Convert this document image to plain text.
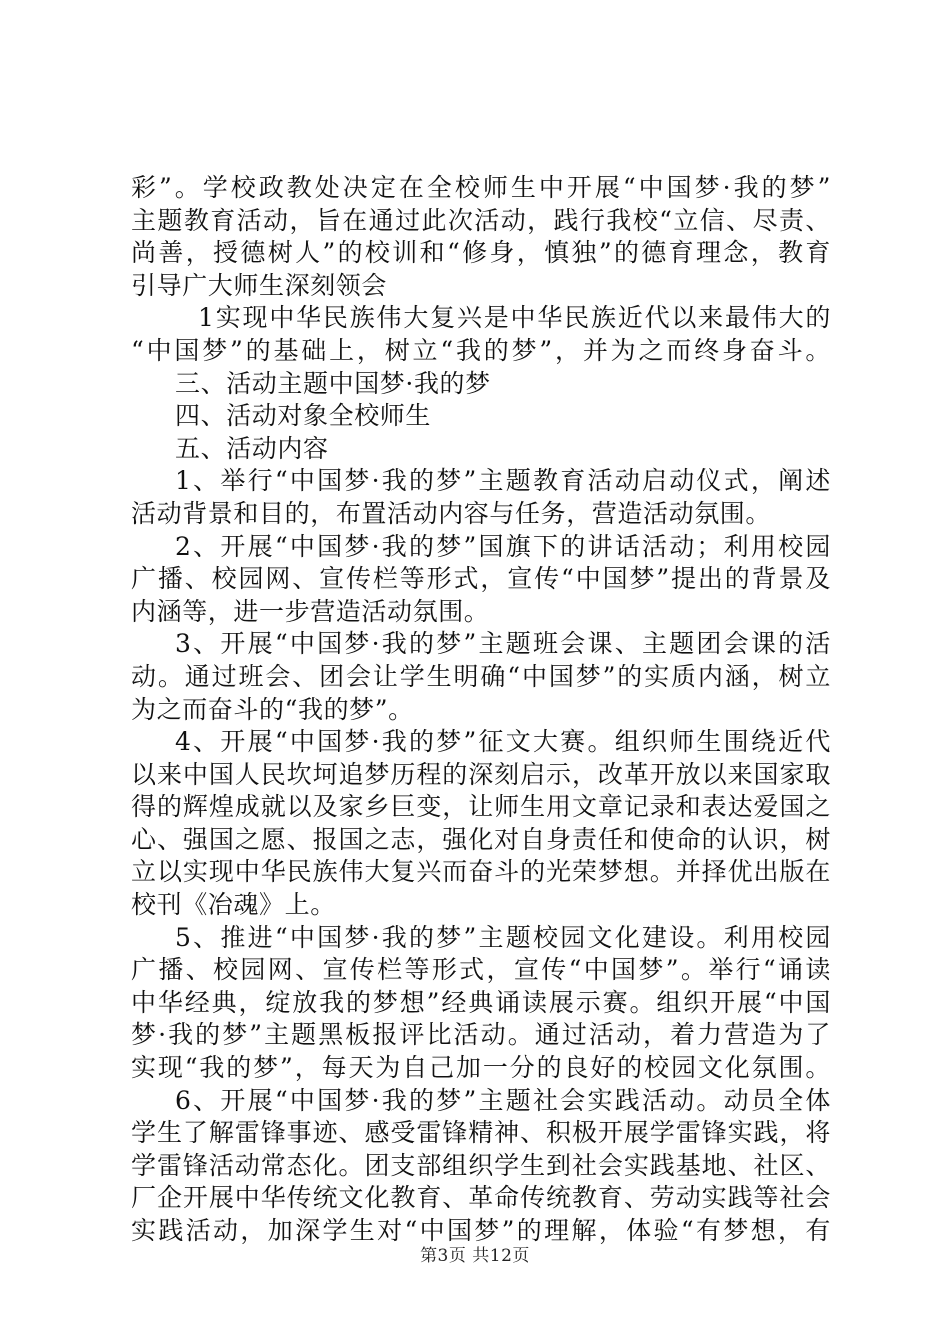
彩”。学校政教处决定在全校师生中开展“中国梦·我的梦”
主题教育活动，旨在通过此次活动，践行我校“立信、尽责、
尚善，授德树人”的校训和“修身，慎独”的德育理念，教育
引导广大师生深刻领会
1实现中华民族伟大复兴是中华民族近代以来最伟大的
“中国梦”的基础上，树立“我的梦”，并为之而终身奋斗。
三、活动主题中国梦·我的梦
四、活动对象全校师生
五、活动内容
1、举行“中国梦·我的梦”主题教育活动启动仪式，阐述
活动背景和目的，布置活动内容与任务，营造活动氛围。
2、开展“中国梦·我的梦”国旗下的讲话活动；利用校园
广播、校园网、宣传栏等形式，宣传“中国梦”提出的背景及
内涵等，进一步营造活动氛围。
3、开展“中国梦·我的梦”主题班会课、主题团会课的活
动。通过班会、团会让学生明确“中国梦”的实质内涵，树立
为之而奋斗的“我的梦”。
4、开展“中国梦·我的梦”征文大赛。组织师生围绕近代
以来中国人民坎坷追梦历程的深刻启示，改革开放以来国家取
得的辉煌成就以及家乡巨变，让师生用文章记录和表达爱国之
心、强国之愿、报国之志，强化对自身责任和使命的认识，树
立以实现中华民族伟大复兴而奋斗的光荣梦想。并择优出版在
校刊《冶魂》上。
5、推进“中国梦·我的梦”主题校园文化建设。利用校园
广播、校园网、宣传栏等形式，宣传“中国梦”。举行“诵读
中华经典，绽放我的梦想”经典诵读展示赛。组织开展“中国
梦·我的梦”主题黑板报评比活动。通过活动，着力营造为了
实现“我的梦”，每天为自己加一分的良好的校园文化氛围。
6、开展“中国梦·我的梦”主题社会实践活动。动员全体
学生了解雷锋事迹、感受雷锋精神、积极开展学雷锋实践，将
学雷锋活动常态化。团支部组织学生到社会实践基地、社区、
厂企开展中华传统文化教育、革命传统教育、劳动实践等社会
实践活动，加深学生对“中国梦”的理解，体验“有梦想，有
第3页 共12页
